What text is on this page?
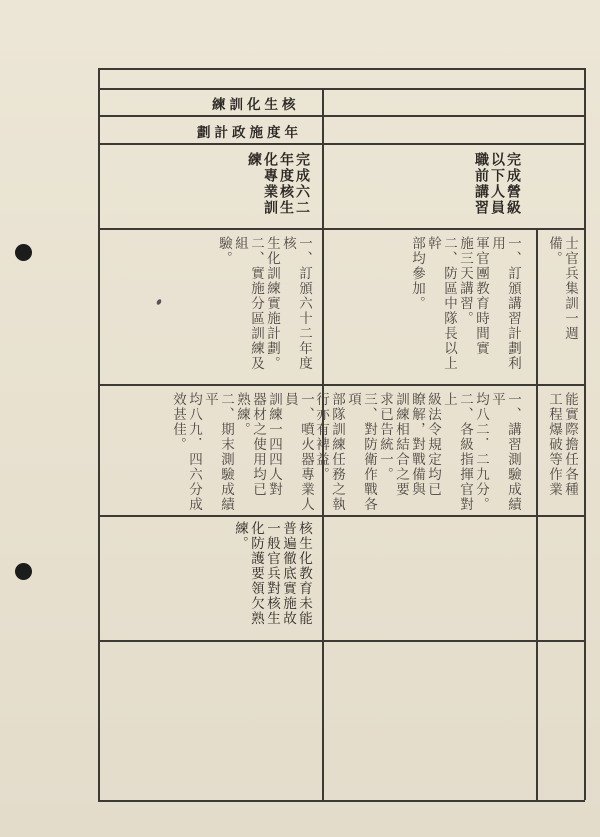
練訓化生核
劃計政施度年
完成六二
年度核生
化專業訓
練	完成營級
以下人員
職前講習
一、訂頒六十二年度核
生化訓練實施計劃。
二、實施分區訓練及組
驗。	一、訂頒講習計劃利用
軍官團教育時間實
施三天講習。
二、防區中隊長以上幹
部均參加。	士官兵集訓一週
備。
一、噴火器專業人員
訓練一四四人對
器材之使用均已
熟練。
二、期末測驗成績平
均八九．四六分成
效甚佳。	一、講習測驗成績平
均八二．二九分。
二、各級指揮官對上
級法令規定均已
瞭解，對戰備與
訓練相結合之要
求已告統一。
三、對防衛作戰各項
部隊訓練任務之執
行亦有裨益。	能實際擔任各種
工程爆破等作業
核生化教育未能
普遍徹底實施故
一般官兵對核生
化防護要領欠熟
練。
